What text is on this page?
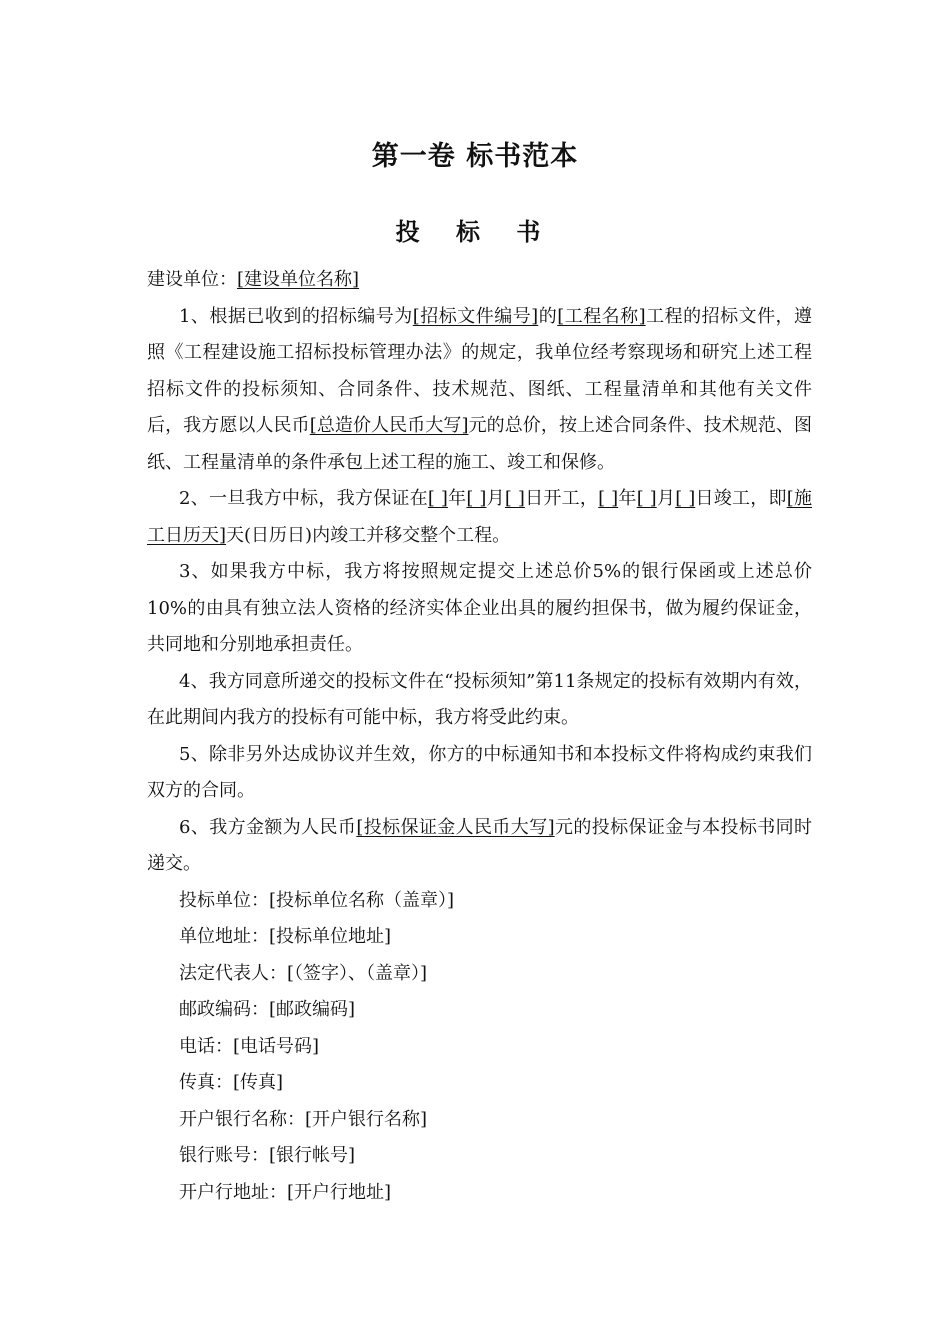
第一卷 标书范本
投 标 书

建设单位：[建设单位名称]

1、根据已收到的招标编号为[招标文件编号]的[工程名称]工程的招标文件，遵照《工程建设施工招标投标管理办法》的规定，我单位经考察现场和研究上述工程招标文件的投标须知、合同条件、技术规范、图纸、工程量清单和其他有关文件后，我方愿以人民币[总造价人民币大写]元的总价，按上述合同条件、技术规范、图纸、工程量清单的条件承包上述工程的施工、竣工和保修。

2、一旦我方中标，我方保证在[ ]年[ ]月[ ]日开工，[ ]年[ ]月[ ]日竣工，即[施工日历天]天(日历日)内竣工并移交整个工程。

3、如果我方中标，我方将按照规定提交上述总价5%的银行保函或上述总价10%的由具有独立法人资格的经济实体企业出具的履约担保书，做为履约保证金，共同地和分别地承担责任。

4、我方同意所递交的投标文件在“投标须知”第11条规定的投标有效期内有效，在此期间内我方的投标有可能中标，我方将受此约束。

5、除非另外达成协议并生效，你方的中标通知书和本投标文件将构成约束我们双方的合同。

6、我方金额为人民币[投标保证金人民币大写]元的投标保证金与本投标书同时递交。

投标单位：[投标单位名称（盖章）]

单位地址：[投标单位地址]

法定代表人：[（签字）、（盖章）]

邮政编码：[邮政编码]

电话：[电话号码]

传真：[传真]

开户银行名称：[开户银行名称]

银行账号：[银行帐号]

开户行地址：[开户行地址]
